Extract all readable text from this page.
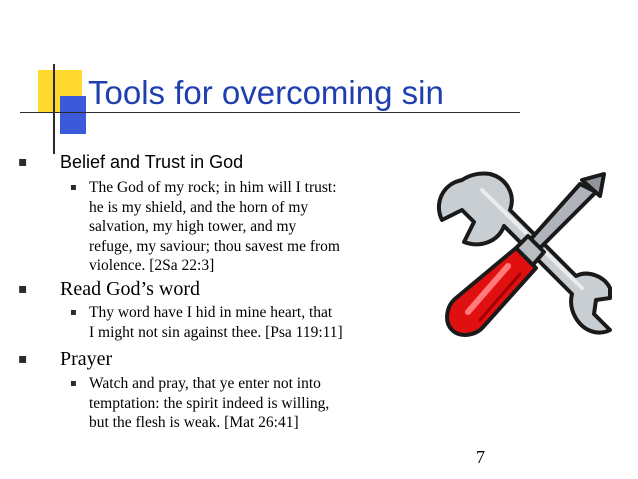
Tools for overcoming sin
▪ Belief and Trust in God
▪ The God of my rock; in him will I trust:
he is my shield, and the horn of my
salvation, my high tower, and my
refuge, my saviour; thou savest me from
violence. [2Sa 22:3]
▪ Read God’s word
▪ Thy word have I hid in mine heart, that
I might not sin against thee. [Psa 119:11]
▪ Prayer
▪ Watch and pray, that ye enter not into
temptation: the spirit indeed is willing,
but the flesh is weak. [Mat 26:41]
7
